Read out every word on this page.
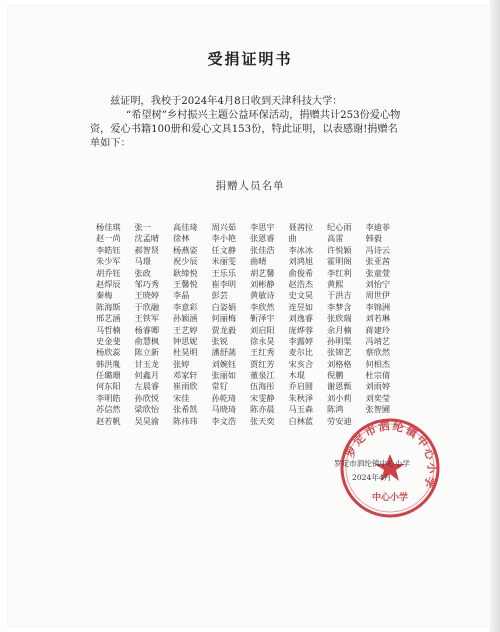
受捐证明书
兹证明，我校于2024年4月8日收到天津科技大学：
“希望树”乡村振兴主题公益环保活动，捐赠共计253份爱心物
资，爱心书籍100册和爱心文具153份，特此证明，以表感谢!捐赠名
单如下：
捐赠人员名单
杨佳琪	张一	高佳琦	周兴茹	李思宇	聂茜拉	纪心雨	李迪菲
赵一尚	沈孟晴	徐林	李小艳	张恩睿	曲	高雷	韩毅
李皓钰	郝智贤	杨燕姿	任文静	张佳浩	李冰冰	许悦颖	冯诗云
朱少军	马璟	祝少辰	米丽雯	曲晴	刘鸿旭	霍明阁	张亚茜
胡乔钰	张政	耿缔悦	王乐乐	胡艺馨	俞俊希	李红利	张童萱
赵焊辰	邹巧秀	王馨悦	崔李明	刘彬静	赵浩杰	黄熙	刘怡宁
秦梅	王晓婷	李晶	彭芸	黄敏诗	史文昊	于洪吉	周世伊
陈海斯	于欣融	李意彩	白姿娟	李欣然	连昱如	李梦含	李锦洲
邢艺涵	王铁军	孙颖涵	何丽梅	靳泽宇	刘逸睿	张欣瑞	刘若琳
马哲楠	杨睿卿	王艺婷	贾龙毅	刘启阳	庞烨蓉	余月楠	蒋建玲
史金斐	俞慧枫	钟思妮	张锐	徐永昊	李露婷	孙明渠	冯靖艺
杨欣蕊	陈立新	杜昊明	潘舒菡	王红秀	麦尔比	张锦艺	蔡欣然
韩洪胤	甘玉龙	张婷	刘婉钰	贾红芳	宋亥合	刘格格	何相杰
任璐珊	何鑫月	邓家轩	张丽如	董泉江	木琨	倪鹏	杜宗倩
何东阳	左晨睿	崔雨欣	常钌	伍海彤	乔启圆	谢恩甄	刘雨婷
李明皓	孙欣悦	宋佳	孙乾琦	宋雯静	朱秋泽	刘小莉	刘奕莹
苏信然	梁欣怡	张希凯	马晓琦	陈亦晨	马玉森	陈鸿	张智圃
赵若帆	吴昊渝	陈祎玮	李文浩	张天奕	白林蓝	劳安迪
罗定市泗纶镇中心小学
中心小学
罗定市泗纶镇中心小学
2024年4月
